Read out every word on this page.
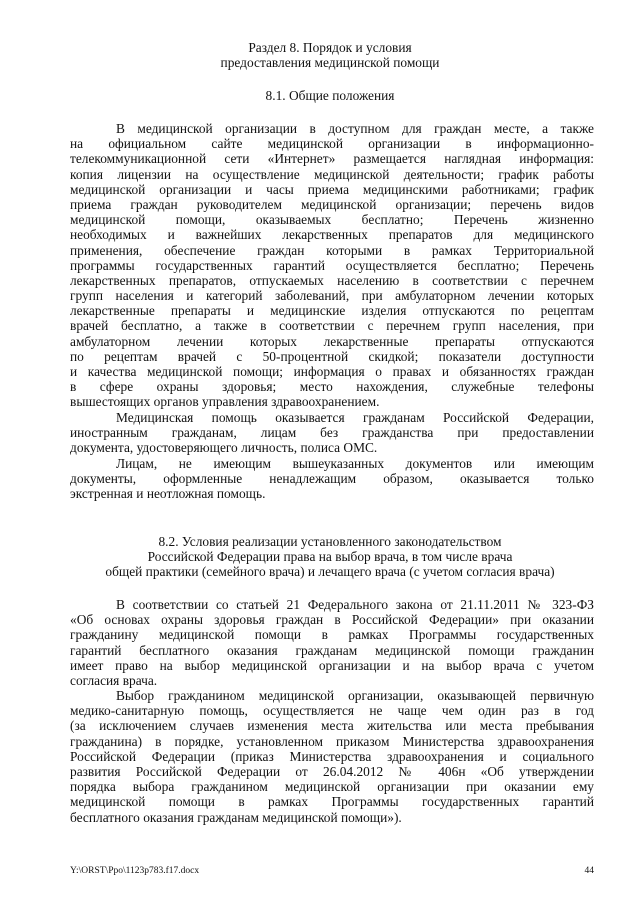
Раздел 8. Порядок и условия
предоставления медицинской помощи
8.1. Общие положения
В медицинской организации в доступном для граждан месте, а также
на официальном сайте медицинской организации в информационно-
телекоммуникационной сети «Интернет» размещается наглядная информация:
копия лицензии на осуществление медицинской деятельности; график работы
медицинской организации и часы приема медицинскими работниками; график
приема граждан руководителем медицинской организации; перечень видов
медицинской помощи, оказываемых бесплатно; Перечень жизненно
необходимых и важнейших лекарственных препаратов для медицинского
применения, обеспечение граждан которыми в рамках Территориальной
программы государственных гарантий осуществляется бесплатно; Перечень
лекарственных препаратов, отпускаемых населению в соответствии с перечнем
групп населения и категорий заболеваний, при амбулаторном лечении которых
лекарственные препараты и медицинские изделия отпускаются по рецептам
врачей бесплатно, а также в соответствии с перечнем групп населения, при
амбулаторном лечении которых лекарственные препараты отпускаются
по рецептам врачей с 50-процентной скидкой; показатели доступности
и качества медицинской помощи; информация о правах и обязанностях граждан
в сфере охраны здоровья; место нахождения, служебные телефоны
вышестоящих органов управления здравоохранением.
Медицинская помощь оказывается гражданам Российской Федерации,
иностранным гражданам, лицам без гражданства при предоставлении
документа, удостоверяющего личность, полиса ОМС.
Лицам, не имеющим вышеуказанных документов или имеющим
документы, оформленные ненадлежащим образом, оказывается только
экстренная и неотложная помощь.
8.2. Условия реализации установленного законодательством
Российской Федерации права на выбор врача, в том числе врача
общей практики (семейного врача) и лечащего врача (с учетом согласия врача)
В соответствии со статьей 21 Федерального закона от 21.11.2011 № 323-ФЗ
«Об основах охраны здоровья граждан в Российской Федерации» при оказании
гражданину медицинской помощи в рамках Программы государственных
гарантий бесплатного оказания гражданам медицинской помощи гражданин
имеет право на выбор медицинской организации и на выбор врача с учетом
согласия врача.
Выбор гражданином медицинской организации, оказывающей первичную
медико-санитарную помощь, осуществляется не чаще чем один раз в год
(за исключением случаев изменения места жительства или места пребывания
гражданина) в порядке, установленном приказом Министерства здравоохранения
Российской Федерации (приказ Министерства здравоохранения и социального
развития Российской Федерации от 26.04.2012 № 406н «Об утверждении
порядка выбора гражданином медицинской организации при оказании ему
медицинской помощи в рамках Программы государственных гарантий
бесплатного оказания гражданам медицинской помощи»).
Y:\ORST\Ppo\1123p783.f17.docx	44
